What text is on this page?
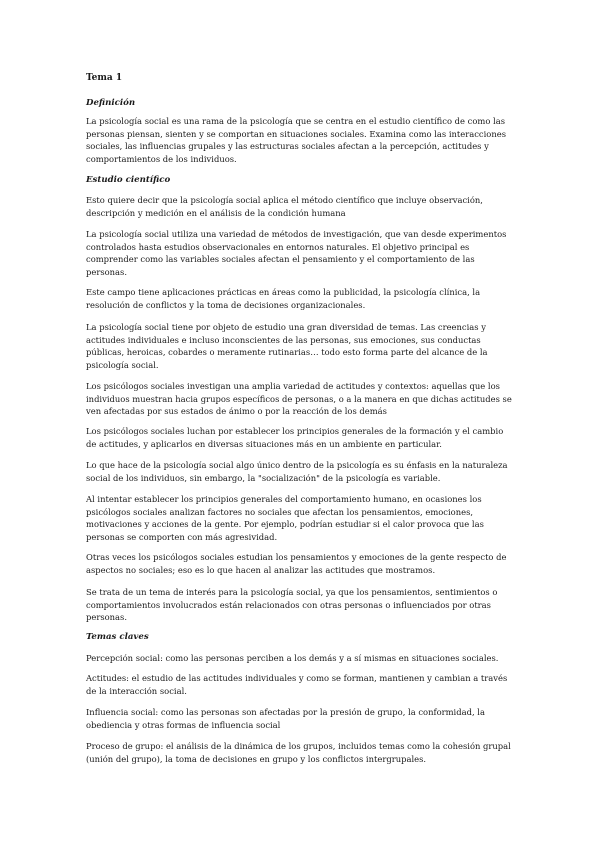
Tema 1

Definición

La psicología social es una rama de la psicología que se centra en el estudio científico de como las personas piensan, sienten y se comportan en situaciones sociales. Examina como las interacciones sociales, las influencias grupales y las estructuras sociales afectan a la percepción, actitudes y comportamientos de los individuos.

Estudio científico

Esto quiere decir que la psicología social aplica el método científico que incluye observación, descripción y medición en el análisis de la condición humana

La psicología social utiliza una variedad de métodos de investigación, que van desde experimentos controlados hasta estudios observacionales en entornos naturales. El objetivo principal es comprender como las variables sociales afectan el pensamiento y el comportamiento de las personas.

Este campo tiene aplicaciones prácticas en áreas como la publicidad, la psicología clínica, la resolución de conflictos y la toma de decisiones organizacionales.

La psicología social tiene por objeto de estudio una gran diversidad de temas. Las creencias y actitudes individuales e incluso inconscientes de las personas, sus emociones, sus conductas públicas, heroicas, cobardes o meramente rutinarias… todo esto forma parte del alcance de la psicología social.

Los psicólogos sociales investigan una amplia variedad de actitudes y contextos: aquellas que los individuos muestran hacia grupos específicos de personas, o a la manera en que dichas actitudes se ven afectadas por sus estados de ánimo o por la reacción de los demás

Los psicólogos sociales luchan por establecer los principios generales de la formación y el cambio de actitudes, y aplicarlos en diversas situaciones más en un ambiente en particular.

Lo que hace de la psicología social algo único dentro de la psicología es su énfasis en la naturaleza social de los individuos, sin embargo, la "socialización" de la psicología es variable.

Al intentar establecer los principios generales del comportamiento humano, en ocasiones los psicólogos sociales analizan factores no sociales que afectan los pensamientos, emociones, motivaciones y acciones de la gente. Por ejemplo, podrían estudiar si el calor provoca que las personas se comporten con más agresividad.

Otras veces los psicólogos sociales estudian los pensamientos y emociones de la gente respecto de aspectos no sociales; eso es lo que hacen al analizar las actitudes que mostramos.

Se trata de un tema de interés para la psicología social, ya que los pensamientos, sentimientos o comportamientos involucrados están relacionados con otras personas o influenciados por otras personas.

Temas claves

Percepción social: como las personas perciben a los demás y a sí mismas en situaciones sociales.

Actitudes: el estudio de las actitudes individuales y como se forman, mantienen y cambian a través de la interacción social.

Influencia social: como las personas son afectadas por la presión de grupo, la conformidad, la obediencia y otras formas de influencia social

Proceso de grupo: el análisis de la dinámica de los grupos, incluidos temas como la cohesión grupal (unión del grupo), la toma de decisiones en grupo y los conflictos intergrupales.
